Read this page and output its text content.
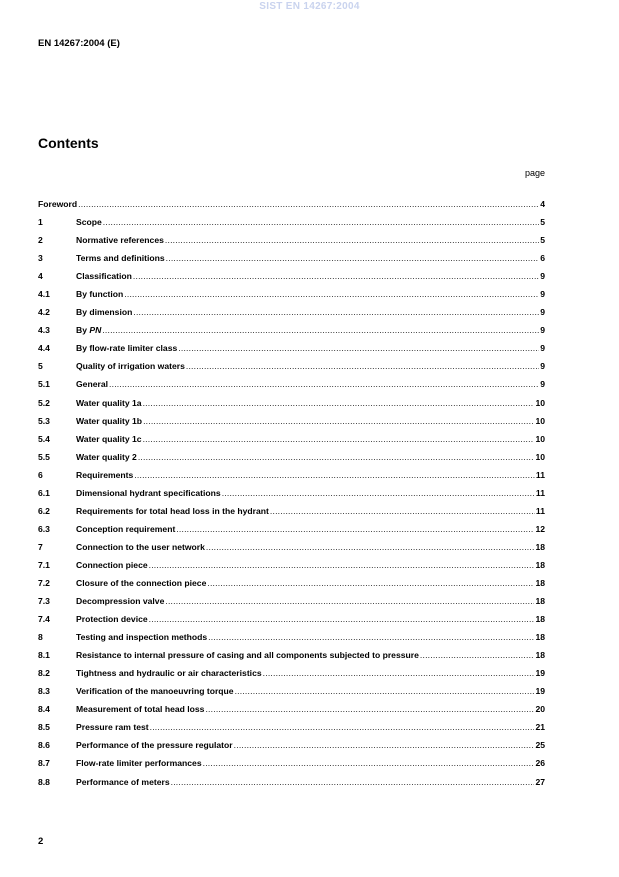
SIST EN 14267:2004
EN 14267:2004 (E)
Contents
page
Foreword .....	4
1	Scope .....	5
2	Normative references .....	5
3	Terms and definitions .....	6
4	Classification .....	9
4.1	By function .....	9
4.2	By dimension .....	9
4.3	By PN .....	9
4.4	By flow-rate limiter class .....	9
5	Quality of irrigation waters .....	9
5.1	General .....	9
5.2	Water quality 1a .....	10
5.3	Water quality 1b .....	10
5.4	Water quality 1c .....	10
5.5	Water quality 2 .....	10
6	Requirements .....	11
6.1	Dimensional hydrant specifications .....	11
6.2	Requirements for total head loss in the hydrant .....	11
6.3	Conception requirement .....	12
7	Connection to the user network .....	18
7.1	Connection piece .....	18
7.2	Closure of the connection piece .....	18
7.3	Decompression valve .....	18
7.4	Protection device .....	18
8	Testing and inspection methods .....	18
8.1	Resistance to internal pressure of casing and all components subjected to pressure .....	18
8.2	Tightness and hydraulic or air characteristics .....	19
8.3	Verification of the manoeuvring torque .....	19
8.4	Measurement of total head loss .....	20
8.5	Pressure ram test .....	21
8.6	Performance of the pressure regulator .....	25
8.7	Flow-rate limiter performances .....	26
8.8	Performance of meters .....	27
2
